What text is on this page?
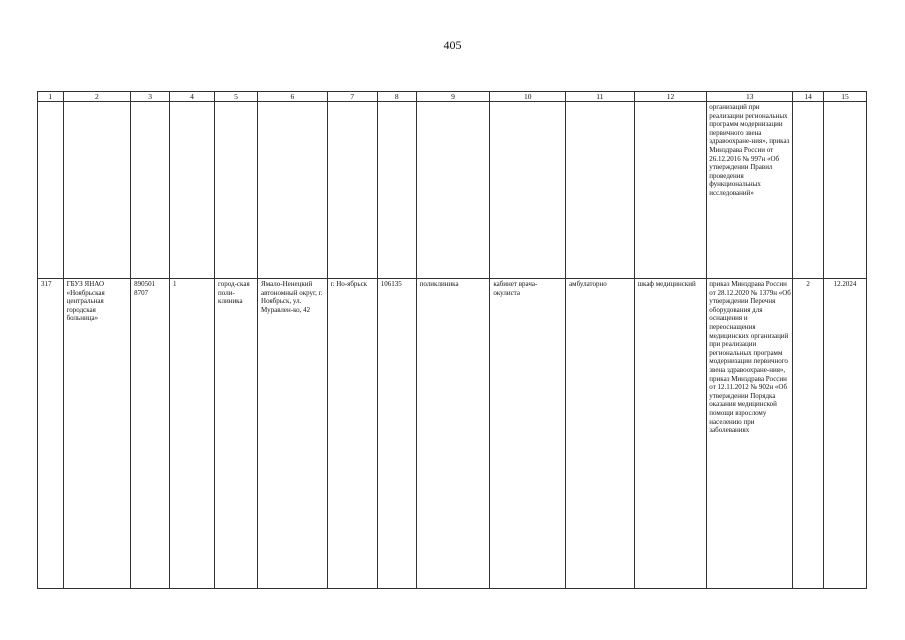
405
1	2	3	4	5	6	7	8	9	10	11	12	13	14	15
												организаций при реализации региональных программ модернизации первичного звена здравоохране-ния», приказ Минздрава России от 26.12.2016 № 997н «Об утверждении Правил проведения функциональных исследований»		
317	ГБУЗ ЯНАО «Ноябрьская центральная городская больница»	890501 8707	1	город-ская поли-клиника	Ямало-Ненецкий автономный округ, г. Ноябрьск, ул. Муравлен-ко, 42	г. Но-ябрьск	106135	поликлиника	кабинет врача-окулиста	амбулаторно	шкаф медицинский	приказ Минздрава России от 28.12.2020 № 1379н «Об утверждении Перечня оборудования для оснащения и переоснащения медицинских организаций при реализации региональных программ модернизации первичного звена здравоохране-ния», приказ Минздрава России от 12.11.2012 № 902н «Об утверждении Порядка оказания медицинской помощи взрослому населению при заболеваниях	2	12.2024
